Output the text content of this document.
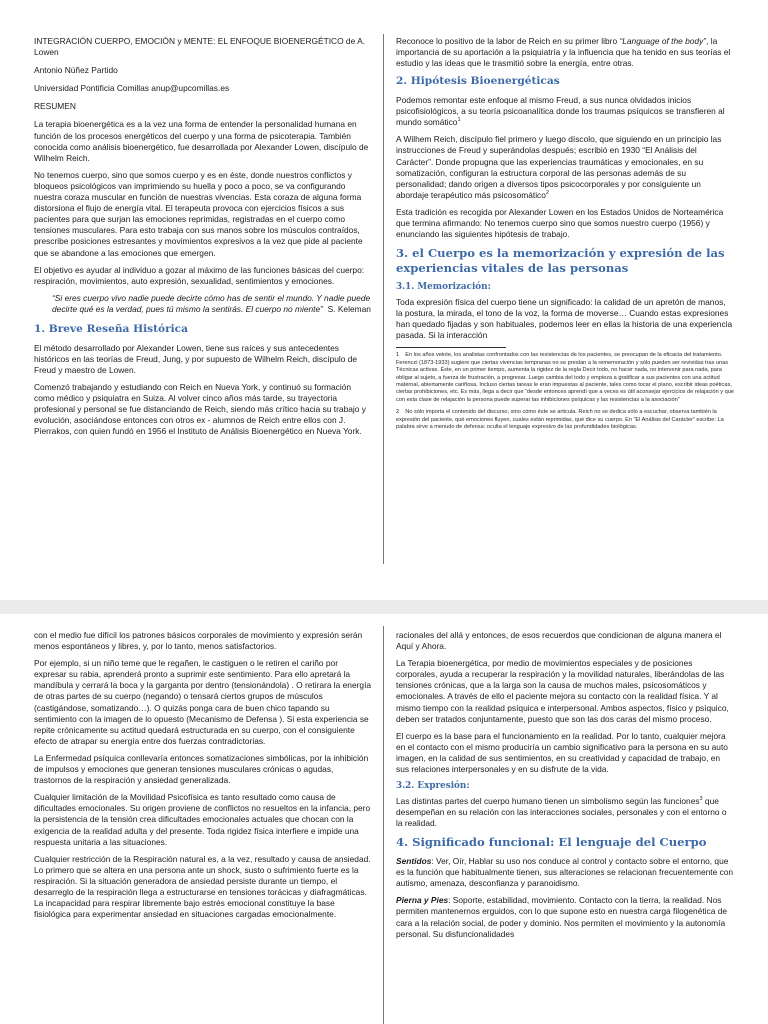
INTEGRACIÓN CUERPO, EMOCIÓN y MENTE: EL ENFOQUE BIOENERGÉTICO de A. Lowen

Antonio Núñez Partido

Universidad Pontificia Comillas anup@upcomillas.es

RESUMEN

La terapia bioenergética es a la vez una forma de entender la personalidad humana en función de los procesos energéticos del cuerpo y una forma de psicoterapia. También conocida como análisis bioenergético, fue desarrollada por Alexander Lowen, discípulo de Wilhelm Reich.

No tenemos cuerpo, sino que somos cuerpo y es en éste, donde nuestros conflictos y bloqueos psicológicos van imprimiendo su huella y poco a poco, se va configurando nuestra coraza muscular en función de nuestras vivencias. Esta coraza de alguna forma distorsiona el flujo de energía vital. El terapeuta provoca con ejercicios físicos a sus pacientes para que surjan las emociones reprimidas, registradas en el cuerpo como tensiones musculares. Para esto trabaja con sus manos sobre los músculos contraídos, prescribe posiciones estresantes y movimientos expresivos a la vez que pide al paciente que se abandone a las emociones que emergen.

El objetivo es ayudar al individuo a gozar al máximo de las funciones básicas del cuerpo: respiración, movimientos, auto expresión, sexualidad, sentimientos y emociones.

“Si eres cuerpo vivo nadie puede decirte cómo has de sentir el mundo. Y nadie puede decirte qué es la verdad, pues tú mismo la sentirás. El cuerpo no miente” S. Keleman

1. Breve Reseña Histórica

El método desarrollado por Alexander Lowen, tiene sus raíces y sus antecedentes históricos en las teorías de Freud, Jung, y por supuesto de Wilhelm Reich, discípulo de Freud y maestro de Lowen.

Comenzó trabajando y estudiando con Reich en Nueva York, y continuó su formación como médico y psiquiatra en Suiza. Al volver cinco años más tarde, su trayectoria profesional y personal se fue distanciando de Reich, siendo más crítico hacia su trabajo y evolución, asociándose entonces con otros ex - alumnos de Reich entre ellos con J. Pierrakos, con quien fundó en 1956 el Instituto de Análisis Bioenergético en Nueva York.

Reconoce lo positivo de la labor de Reich en su primer libro “Language of the body”, la importancia de su aportación a la psiquiatría y la influencia que ha tenido en sus teorías el estudio y las ideas que le trasmitió sobre la energía, entre otras.

2. Hipótesis Bioenergéticas

Podemos remontar este enfoque al mismo Freud, a sus nunca olvidados inicios psicofisiológicos, a su teoría psicoanalítica donde los traumas psíquicos se transfieren al mundo somático$^1$

A Wilhem Reich, discípulo fiel primero y luego díscolo, que siguiendo en un principio las instrucciones de Freud y superándolas después; escribió en 1930 “El Análisis del Carácter”. Donde propugna que las experiencias traumáticas y emocionales, en su somatización, configuran la estructura corporal de las personas además de su personalidad; dando origen a diversos tipos psicocorporales y por consiguiente un abordaje terapéutico más psicosomático$^2$

Esta tradición es recogida por Alexander Lowen en los Estados Unidos de Norteamérica que termina afirmando: No tenemos cuerpo sino que somos nuestro cuerpo (1956) y enunciando las siguientes hipótesis de trabajo.

3. el Cuerpo es la memorización y expresión de las experiencias vitales de las personas
3.1. Memorización:

Toda expresión física del cuerpo tiene un significado: la calidad de un apretón de manos, la postura, la mirada, el tono de la voz, la forma de moverse… Cuando estas expresiones han quedado fijadas y son habituales, podemos leer en ellas la historia de una experiencia pasada. Si la interacción

1 En los años veinte, los analistas confrontados con las resistencias de los pacientes, se preocupan de la eficacia del tratamiento. Ferenczi (1873-1933) sugiere que ciertas vivencias tempranas no se prestan a la rememoración y sólo pueden ser revividas tras unas Técnicas activas. Éste, en un primer tiempo, aumenta la rigidez de la regla Decir todo, no hacer nada, no intervenir para nada, para obligar al sujeto, a fuerza de frustración, a progresar. Luego cambia del todo y empieza a gratificar a sus pacientes con una actitud maternal, abiertamente cariñosa. Incluso ciertas tareas le eran impuestas al paciente, tales como tocar el piano, escribir ideas poéticas, ciertas prohibiciones, etc. Es más, llega a decir que “desde entonces aprendí que a veces es útil aconsejar ejercicios de relajación y que con esta clase de relajación la persona puede superar las inhibiciones psíquicas y las resistencias a la asociación”

2 No sólo importa el contenido del discurso, sino cómo éste se articula. Reich no se dedica sólo a escuchar, observa también la expresión del paciente, qué emociones fluyen, cuales están reprimidas, qué dice su cuerpo. En “El Análisis del Carácter” escribe: La palabra sirve a menudo de defensa: oculta el lenguaje expresivo de las profundidades biológicas.

con el medio fue difícil los patrones básicos corporales de movimiento y expresión serán menos espontáneos y libres, y, por lo tanto, menos satisfactorios.

Por ejemplo, si un niño teme que le regañen, le castiguen o le retiren el cariño por expresar su rabia, aprenderá pronto a suprimir este sentimiento. Para ello apretará la mandíbula y cerrará la boca y la garganta por dentro (tensionándola) . O retirara la energía de otras partes de su cuerpo (negando) o tensará ciertos grupos de músculos (castigándose, somatizando…). O quizás ponga cara de buen chico tapando su sentimiento con la imagen de lo opuesto (Mecanismo de Defensa ). Si esta experiencia se repite crónicamente su actitud quedará estructurada en su cuerpo, con el consiguiente efecto de atrapar su energía entre dos fuerzas contradictorias.

La Enfermedad psíquica conllevaría entonces somatizaciones simbólicas, por la inhibición de impulsos y emociones que generan tensiones musculares crónicas o agudas, trastornos de la respiración y ansiedad generalizada.

Cualquier limitación de la Movilidad Psicofísica es tanto resultado como causa de dificultades emocionales. Su origen proviene de conflictos no resueltos en la infancia, pero la persistencia de la tensión crea dificultades emocionales actuales que chocan con la exigencia de la realidad adulta y del presente. Toda rigidez física interfiere e impide una respuesta unitaria a las situaciones.

Cualquier restricción de la Respiración natural es, a la vez, resultado y causa de ansiedad. Lo primero que se altera en una persona ante un shock, susto o sufrimiento fuerte es la respiración. Si la situación generadora de ansiedad persiste durante un tiempo, el desarreglo de la respiración llega a estructurarse en tensiones torácicas y diafragmáticas. La incapacidad para respirar libremente bajo estrés emocional constituye la base fisiológica para experimentar ansiedad en situaciones cargadas emocionalmente.

racionales del allá y entonces, de esos recuerdos que condicionan de alguna manera el Aquí y Ahora.

La Terapia bioenergética, por medio de movimientos especiales y de posiciones corporales, ayuda a recuperar la respiración y la movilidad naturales, liberándolas de las tensiones crónicas, que a la larga son la causa de muchos males, psicosomáticos y emocionales. A través de ello el paciente mejora su contacto con la realidad física. Y al mismo tiempo con la realidad psíquica e interpersonal. Ambos aspectos, físico y psíquico, deben ser tratados conjuntamente, puesto que son las dos caras del mismo proceso.

El cuerpo es la base para el funcionamiento en la realidad. Por lo tanto, cualquier mejora en el contacto con el mismo produciría un cambio significativo para la persona en su auto imagen, en la calidad de sus sentimientos, en su creatividad y capacidad de trabajo, en sus relaciones interpersonales y en su disfrute de la vida.

3.2. Expresión:

Las distintas partes del cuerpo humano tienen un simbolismo según las funciones$^3$ que desempeñan en su relación con las interacciones sociales, personales y con el entorno o la realidad.

4. Significado funcional: El lenguaje del Cuerpo

Sentidos: Ver, Oír, Hablar su uso nos conduce al control y contacto sobre el entorno, que es la función que habitualmente tienen, sus alteraciones se relacionan frecuentemente con autismo, amenaza, desconfianza y paranoidismo.

Pierna y Pies: Soporte, estabilidad, movimiento. Contacto con la tierra, la realidad. Nos permiten mantenernos erguidos, con lo que supone esto en nuestra carga filogenética de cara a la relación social, de poder y dominio. Nos permiten el movimiento y la autonomía personal. Su disfuncionalidades
